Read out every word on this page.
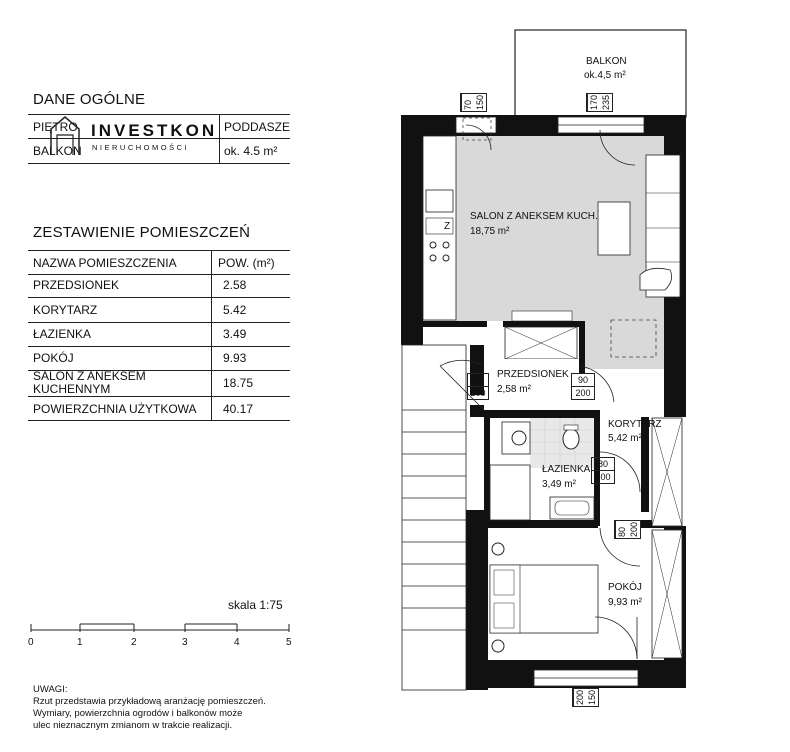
DANE OGÓLNE
PIĘTRO	PODDASZE
BALKON	ok. 4.5 m²
INVESTKON
NIERUCHOMOŚCI
ZESTAWIENIE POMIESZCZEŃ
NAZWA POMIESZCZENIA	POW. (m²)
PRZEDSIONEK	2.58
KORYTARZ	5.42
ŁAZIENKA	3.49
POKÓJ	9.93
SALON Z ANEKSEM
KUCHENNYM	18.75
POWIERZCHNIA UŻYTKOWA 40.17
skala 1:75
0	1	2	3	4	5
UWAGI:
Rzut przedstawia przykładową aranżację pomieszczeń.
Wymiary, powierzchnia ogrodów i balkonów może
ulec nieznacznym zmianom w trakcie realizacji.
BALKON
ok.4,5 m²
SALON Z ANEKSEM KUCH.
18,75 m²
PRZEDSIONEK
2,58 m²
KORYTARZ
5,42 m²
ŁAZIENKA
3,49 m²
POKÓJ
9,93 m²
Z
70 150	170 235
90
200
90
200
80
200
80 200
200 150
